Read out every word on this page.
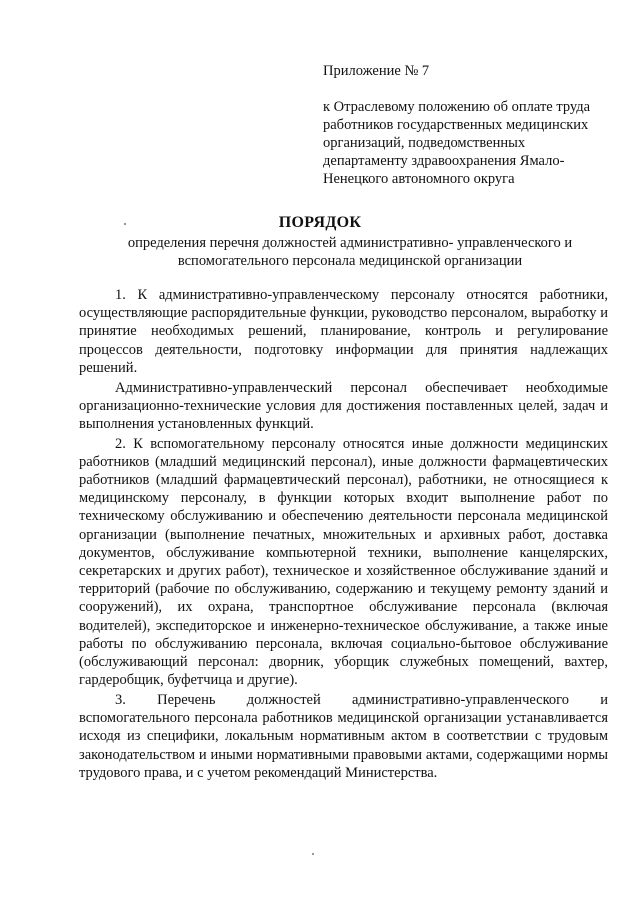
Приложение № 7

к Отраслевому положению об оплате труда работников государственных медицинских организаций, подведомственных департаменту здравоохранения Ямало-Ненецкого автономного округа

ПОРЯДОК

определения перечня должностей административно- управленческого и вспомогательного персонала медицинской организации

1. К административно-управленческому персоналу относятся работники, осуществляющие распорядительные функции, руководство персоналом, выработку и принятие необходимых решений, планирование, контроль и регулирование процессов деятельности, подготовку информации для принятия надлежащих решений.

Административно-управленческий персонал обеспечивает необходимые организационно-технические условия для достижения поставленных целей, задач и выполнения установленных функций.

2. К вспомогательному персоналу относятся иные должности медицинских работников (младший медицинский персонал), иные должности фармацевтических работников (младший фармацевтический персонал), работники, не относящиеся к медицинскому персоналу, в функции которых входит выполнение работ по техническому обслуживанию и обеспечению деятельности персонала медицинской организации (выполнение печатных, множительных и архивных работ, доставка документов, обслуживание компьютерной техники, выполнение канцелярских, секретарских и других работ), техническое и хозяйственное обслуживание зданий и территорий (рабочие по обслуживанию, содержанию и текущему ремонту зданий и сооружений), их охрана, транспортное обслуживание персонала (включая водителей), экспедиторское и инженерно-техническое обслуживание, а также иные работы по обслуживанию персонала, включая социально-бытовое обслуживание (обслуживающий персонал: дворник, уборщик служебных помещений, вахтер, гардеробщик, буфетчица и другие).

3. Перечень должностей административно-управленческого и вспомогательного персонала работников медицинской организации устанавливается исходя из специфики, локальным нормативным актом в соответствии с трудовым законодательством и иными нормативными правовыми актами, содержащими нормы трудового права, и с учетом рекомендаций Министерства.
